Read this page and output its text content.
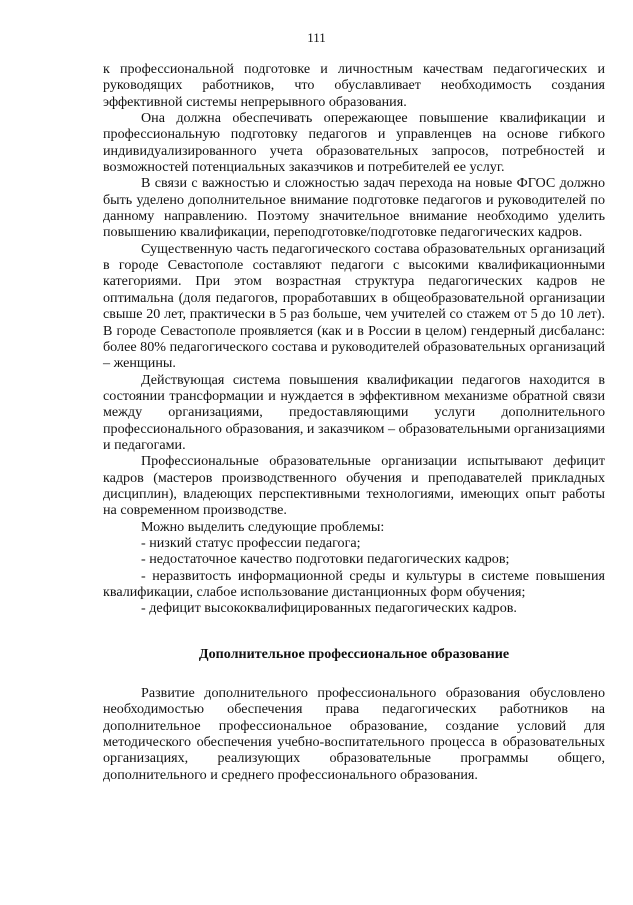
111

к профессиональной подготовке и личностным качествам педагогических и руководящих работников, что обуславливает необходимость создания эффективной системы непрерывного образования.

Она должна обеспечивать опережающее повышение квалификации и профессиональную подготовку педагогов и управленцев на основе гибкого индивидуализированного учета образовательных запросов, потребностей и возможностей потенциальных заказчиков и потребителей ее услуг.

В связи с важностью и сложностью задач перехода на новые ФГОС должно быть уделено дополнительное внимание подготовке педагогов и руководителей по данному направлению. Поэтому значительное внимание необходимо уделить повышению квалификации, переподготовке/подготовке педагогических кадров.

Существенную часть педагогического состава образовательных организаций в городе Севастополе составляют педагоги с высокими квалификационными категориями. При этом возрастная структура педагогических кадров не оптимальна (доля педагогов, проработавших в общеобразовательной организации свыше 20 лет, практически в 5 раз больше, чем учителей со стажем от 5 до 10 лет). В городе Севастополе проявляется (как и в России в целом) гендерный дисбаланс: более 80% педагогического состава и руководителей образовательных организаций – женщины.

Действующая система повышения квалификации педагогов находится в состоянии трансформации и нуждается в эффективном механизме обратной связи между организациями, предоставляющими услуги дополнительного профессионального образования, и заказчиком – образовательными организациями и педагогами.

Профессиональные образовательные организации испытывают дефицит кадров (мастеров производственного обучения и преподавателей прикладных дисциплин), владеющих перспективными технологиями, имеющих опыт работы на современном производстве.

Можно выделить следующие проблемы:

- низкий статус профессии педагога;

- недостаточное качество подготовки педагогических кадров;

- неразвитость информационной среды и культуры в системе повышения квалификации, слабое использование дистанционных форм обучения;

- дефицит высококвалифицированных педагогических кадров.

Дополнительное профессиональное образование

Развитие дополнительного профессионального образования обусловлено необходимостью обеспечения права педагогических работников на дополнительное профессиональное образование, создание условий для методического обеспечения учебно-воспитательного процесса в образовательных организациях, реализующих образовательные программы общего, дополнительного и среднего профессионального образования.
